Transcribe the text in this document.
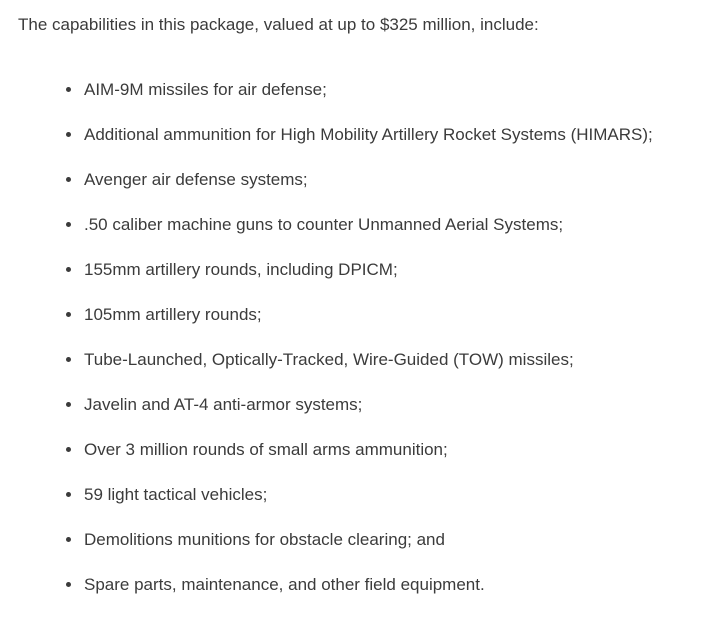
The capabilities in this package, valued at up to $325 million, include:

AIM-9M missiles for air defense;
Additional ammunition for High Mobility Artillery Rocket Systems (HIMARS);
Avenger air defense systems;
.50 caliber machine guns to counter Unmanned Aerial Systems;
155mm artillery rounds, including DPICM;
105mm artillery rounds;
Tube-Launched, Optically-Tracked, Wire-Guided (TOW) missiles;
Javelin and AT-4 anti-armor systems;
Over 3 million rounds of small arms ammunition;
59 light tactical vehicles;
Demolitions munitions for obstacle clearing; and
Spare parts, maintenance, and other field equipment.
